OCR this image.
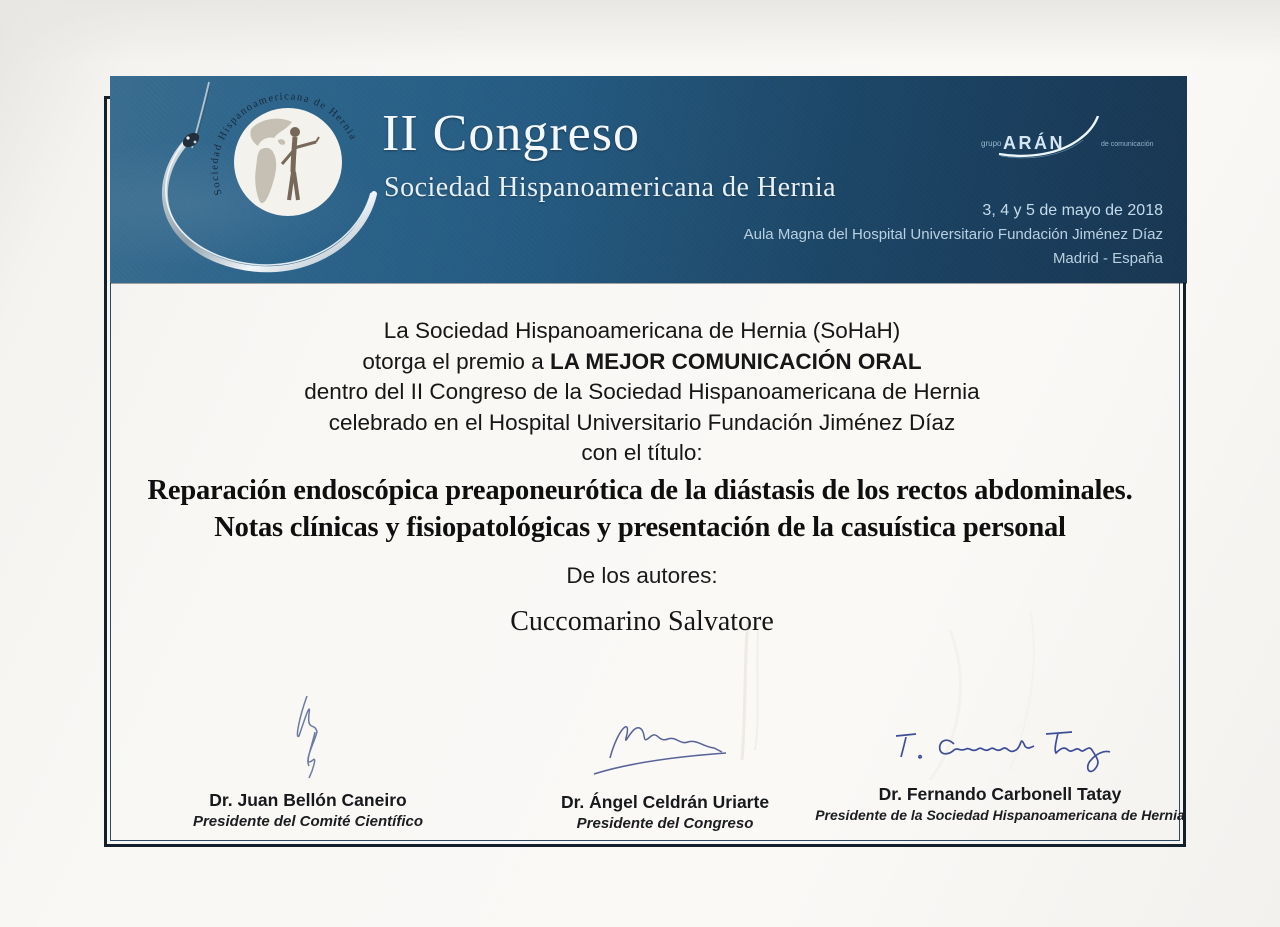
Sociedad Hispanoamericana de Hernia II Congreso
Sociedad Hispanoamericana de Hernia
grupo ARÁN	de comunicación
3, 4 y 5 de mayo de 2018
Aula Magna del Hospital Universitario Fundación Jiménez Díaz
Madrid - España
La Sociedad Hispanoamericana de Hernia (SoHaH)
otorga el premio a LA MEJOR COMUNICACIÓN ORAL
dentro del II Congreso de la Sociedad Hispanoamericana de Hernia
celebrado en el Hospital Universitario Fundación Jiménez Díaz
con el título:
Reparación endoscópica preaponeurótica de la diástasis de los rectos abdominales.
Notas clínicas y fisiopatológicas y presentación de la casuística personal
De los autores:
Cuccomarino Salvatore
Dr. Juan Bellón Caneiro
Presidente del Comité Científico
Dr. Ángel Celdrán Uriarte
Presidente del Congreso
Dr. Fernando Carbonell Tatay
Presidente de la Sociedad Hispanoamericana de Hernia
